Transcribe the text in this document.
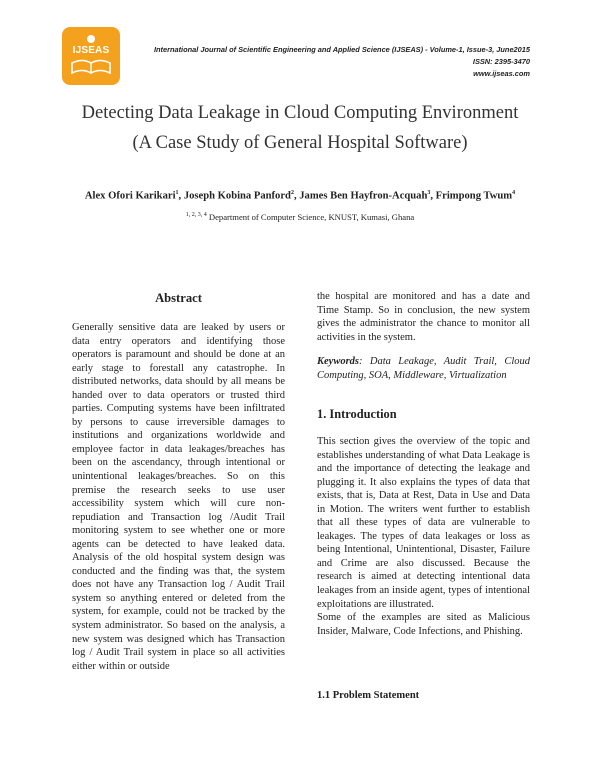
IJSEAS	International Journal of Scientific Engineering and Applied Science (IJSEAS) - Volume-1, Issue-3, June2015
ISSN: 2395-3470
www.ijseas.com
Detecting Data Leakage in Cloud Computing Environment
(A Case Study of General Hospital Software)
Alex Ofori Karikari$^1$, Joseph Kobina Panford$^2$, James Ben Hayfron-Acquah$^3$, Frimpong Twum$^4$
$^{1, 2, 3, 4}$ Department of Computer Science, KNUST, Kumasi, Ghana
Abstract

Generally sensitive data are leaked by users or data entry operators and identifying those operators is paramount and should be done at an early stage to forestall any catastrophe. In distributed networks, data should by all means be handed over to data operators or trusted third parties. Computing systems have been infiltrated by persons to cause irreversible damages to institutions and organizations worldwide and employee factor in data leakages/breaches has been on the ascendancy, through intentional or unintentional leakages/breaches. So on this premise the research seeks to use user accessibility system which will cure non-repudiation and Transaction log /Audit Trail monitoring system to see whether one or more agents can be detected to have leaked data. Analysis of the old hospital system design was conducted and the finding was that, the system does not have any Transaction log / Audit Trail system so anything entered or deleted from the system, for example, could not be tracked by the system administrator. So based on the analysis, a new system was designed which has Transaction log / Audit Trail system in place so all activities either within or outside

the hospital are monitored and has a date and Time Stamp. So in conclusion, the new system gives the administrator the chance to monitor all activities in the system.

Keywords: Data Leakage, Audit Trail, Cloud Computing, SOA, Middleware, Virtualization

1. Introduction

This section gives the overview of the topic and establishes understanding of what Data Leakage is and the importance of detecting the leakage and plugging it. It also explains the types of data that exists, that is, Data at Rest, Data in Use and Data in Motion. The writers went further to establish that all these types of data are vulnerable to leakages. The types of data leakages or loss as being Intentional, Unintentional, Disaster, Failure and Crime are also discussed. Because the research is aimed at detecting intentional data leakages from an inside agent, types of intentional exploitations are illustrated.

Some of the examples are sited as Malicious Insider, Malware, Code Infections, and Phishing.

1.1 Problem Statement
